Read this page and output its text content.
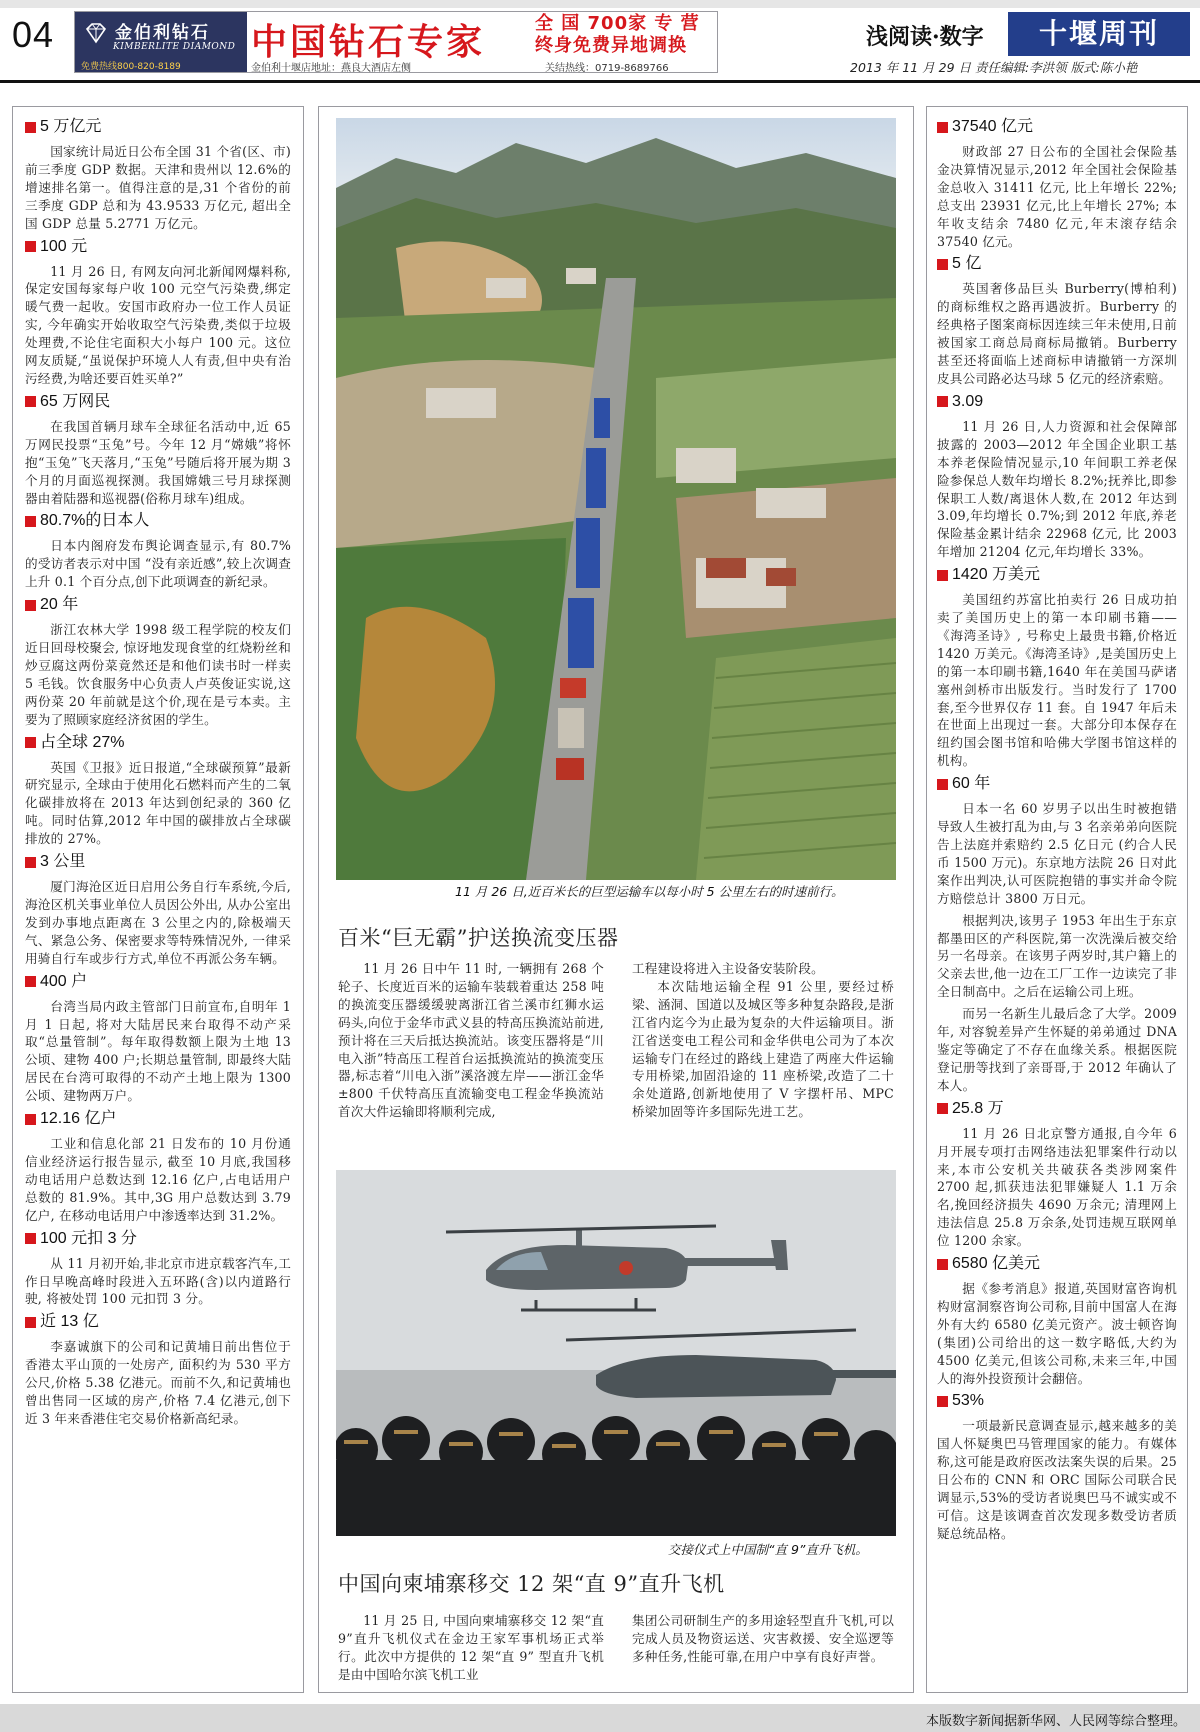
04	金伯利钻石
KIMBERLITE DIAMOND
免费热线800-820-8189
中国钻石专家	全 国 700家 专 营
终身免费异地调换
金伯利十堰店地址：燕良大酒店左侧	关结热线：0719-8689766
浅阅读·数字	十堰周刊
2013 年 11 月 29 日 责任编辑:李洪领 版式:陈小艳
5 万亿元

国家统计局近日公布全国 31 个省(区、市)前三季度 GDP 数据。天津和贵州以 12.6%的增速排名第一。值得注意的是,31 个省份的前三季度 GDP 总和为 43.9533 万亿元, 超出全国 GDP 总量 5.2771 万亿元。

100 元

11 月 26 日, 有网友向河北新闻网爆料称,保定安国每家每户收 100 元空气污染费,绑定暖气费一起收。安国市政府办一位工作人员证实, 今年确实开始收取空气污染费,类似于垃圾处理费,不论住宅面积大小每户 100 元。这位网友质疑,“虽说保护环境人人有责,但中央有治污经费,为啥还要百姓买单?”

65 万网民

在我国首辆月球车全球征名活动中,近 65 万网民投票“玉兔”号。今年 12 月“嫦娥”将怀抱“玉兔”飞天落月,“玉兔”号随后将开展为期 3 个月的月面巡视探测。我国嫦娥三号月球探测器由着陆器和巡视器(俗称月球车)组成。

80.7%的日本人

日本内阁府发布舆论调查显示,有 80.7%的受访者表示对中国 “没有亲近感”,较上次调查上升 0.1 个百分点,创下此项调查的新纪录。

20 年

浙江农林大学 1998 级工程学院的校友们近日回母校聚会, 惊讶地发现食堂的红烧粉丝和炒豆腐这两份菜竟然还是和他们读书时一样卖 5 毛钱。饮食服务中心负责人卢英俊证实说,这两份菜 20 年前就是这个价,现在是亏本卖。主要为了照顾家庭经济贫困的学生。

占全球 27%

英国《卫报》近日报道,“全球碳预算”最新研究显示, 全球由于使用化石燃料而产生的二氧化碳排放将在 2013 年达到创纪录的 360 亿吨。同时估算,2012 年中国的碳排放占全球碳排放的 27%。

3 公里

厦门海沧区近日启用公务自行车系统,今后,海沧区机关事业单位人员因公外出, 从办公室出发到办事地点距离在 3 公里之内的,除极端天气、紧急公务、保密要求等特殊情况外, 一律采用骑自行车或步行方式,单位不再派公务车辆。

400 户

台湾当局内政主管部门日前宣布,自明年 1 月 1 日起, 将对大陆居民来台取得不动产采取“总量管制”。每年取得数额上限为土地 13 公顷、建物 400 户;长期总量管制, 即最终大陆居民在台湾可取得的不动产土地上限为 1300 公顷、建物两万户。

12.16 亿户

工业和信息化部 21 日发布的 10 月份通信业经济运行报告显示, 截至 10 月底,我国移动电话用户总数达到 12.16 亿户,占电话用户总数的 81.9%。其中,3G 用户总数达到 3.79 亿户, 在移动电话用户中渗透率达到 31.2%。

100 元扣 3 分

从 11 月初开始,非北京市进京载客汽车,工作日早晚高峰时段进入五环路(含)以内道路行驶, 将被处罚 100 元扣罚 3 分。

近 13 亿

李嘉诚旗下的公司和记黄埔日前出售位于香港太平山顶的一处房产, 面积约为 530 平方公尺,价格 5.38 亿港元。而前不久,和记黄埔也曾出售同一区域的房产,价格 7.4 亿港元,创下近 3 年来香港住宅交易价格新高纪录。

11 月 26 日,近百米长的巨型运输车以每小时 5 公里左右的时速前行。
百米“巨无霸”护送换流变压器

11 月 26 日中午 11 时, 一辆拥有 268 个轮子、长度近百米的运输车装载着重达 258 吨的换流变压器缓缓驶离浙江省兰溪市红狮水运码头,向位于金华市武义县的特高压换流站前进,预计将在三天后抵达换流站。该变压器将是“川电入浙”特高压工程首台运抵换流站的换流变压器,标志着“川电入浙”溪洛渡左岸——浙江金华±800 千伏特高压直流输变电工程金华换流站首次大件运输即将顺利完成,

工程建设将进入主设备安装阶段。

本次陆地运输全程 91 公里, 要经过桥梁、涵洞、国道以及城区等多种复杂路段,是浙江省内迄今为止最为复杂的大件运输项目。浙江省送变电工程公司和金华供电公司为了本次运输专门在经过的路线上建造了两座大件运输专用桥梁,加固沿途的 11 座桥梁,改造了二十余处道路,创新地使用了 V 字摆杆吊、MPC 桥梁加固等许多国际先进工艺。

交接仪式上中国制“直 9”直升飞机。
中国向柬埔寨移交 12 架“直 9”直升飞机

11 月 25 日, 中国向柬埔寨移交 12 架“直 9”直升飞机仪式在金边王家军事机场正式举行。此次中方提供的 12 架“直 9” 型直升飞机是由中国哈尔滨飞机工业

集团公司研制生产的多用途轻型直升飞机,可以完成人员及物资运送、灾害救援、安全巡逻等多种任务,性能可靠,在用户中享有良好声誉。

37540 亿元

财政部 27 日公布的全国社会保险基金决算情况显示,2012 年全国社会保险基金总收入 31411 亿元, 比上年增长 22%;总支出 23931 亿元,比上年增长 27%; 本年收支结余 7480 亿元,年末滚存结余 37540 亿元。

5 亿

英国奢侈品巨头 Burberry(博柏利) 的商标维权之路再遇波折。Burberry 的经典格子图案商标因连续三年未使用,日前被国家工商总局商标局撤销。Burberry 甚至还将面临上述商标申请撤销一方深圳皮具公司路必达马球 5 亿元的经济索赔。

3.09

11 月 26 日,人力资源和社会保障部披露的 2003—2012 年全国企业职工基本养老保险情况显示,10 年间职工养老保险参保总人数年均增长 8.2%;抚养比,即参保职工人数/离退休人数,在 2012 年达到 3.09,年均增长 0.7%;到 2012 年底,养老保险基金累计结余 22968 亿元, 比 2003 年增加 21204 亿元,年均增长 33%。

1420 万美元

美国纽约苏富比拍卖行 26 日成功拍卖了美国历史上的第一本印刷书籍——《海湾圣诗》, 号称史上最贵书籍,价格近 1420 万美元。《海湾圣诗》,是美国历史上的第一本印刷书籍,1640 年在美国马萨诸塞州剑桥市出版发行。当时发行了 1700 套,至今世界仅存 11 套。自 1947 年后未在世面上出现过一套。大部分印本保存在纽约国会图书馆和哈佛大学图书馆这样的机构。

60 年

日本一名 60 岁男子以出生时被抱错导致人生被打乱为由,与 3 名亲弟弟向医院告上法庭并索赔约 2.5 亿日元 (约合人民币 1500 万元)。东京地方法院 26 日对此案作出判决,认可医院抱错的事实并命令院方赔偿总计 3800 万日元。

根据判决,该男子 1953 年出生于东京都墨田区的产科医院,第一次洗澡后被交给另一名母亲。在该男子两岁时,其户籍上的父亲去世,他一边在工厂工作一边读完了非全日制高中。之后在运输公司上班。

而另一名新生儿最后念了大学。2009 年, 对容貌差异产生怀疑的弟弟通过 DNA 鉴定等确定了不存在血缘关系。根据医院登记册等找到了亲哥哥,于 2012 年确认了本人。

25.8 万

11 月 26 日北京警方通报,自今年 6 月开展专项打击网络违法犯罪案件行动以来,本市公安机关共破获各类涉网案件 2700 起,抓获违法犯罪嫌疑人 1.1 万余名,挽回经济损失 4690 万余元; 清理网上违法信息 25.8 万余条,处罚违规互联网单位 1200 余家。

6580 亿美元

据《参考消息》报道,英国财富咨询机构财富洞察咨询公司称,目前中国富人在海外有大约 6580 亿美元资产。波士顿咨询(集团)公司给出的这一数字略低,大约为 4500 亿美元,但该公司称,未来三年,中国人的海外投资预计会翻倍。

53%

一项最新民意调查显示,越来越多的美国人怀疑奥巴马管理国家的能力。有媒体称,这可能是政府医改法案失误的后果。25 日公布的 CNN 和 ORC 国际公司联合民调显示,53%的受访者说奥巴马不诚实或不可信。这是该调查首次发现多数受访者质疑总统品格。

本版数字新闻据新华网、人民网等综合整理。
